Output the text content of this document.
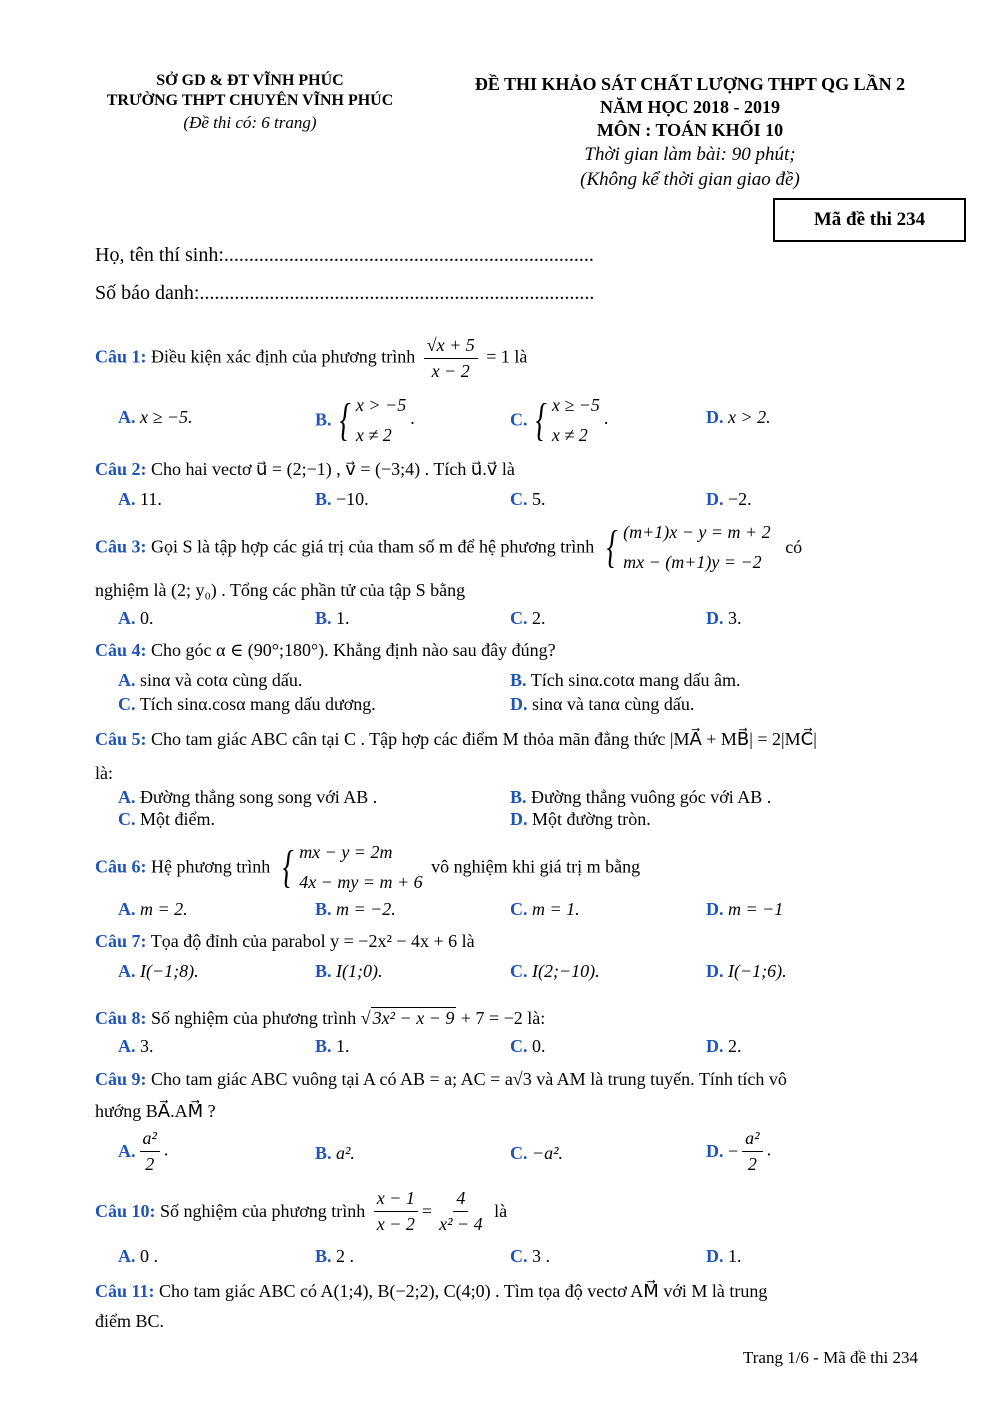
SỞ GD & ĐT VĨNH PHÚC
TRƯỜNG THPT CHUYÊN VĨNH PHÚC
(Đề thi có: 6 trang)
ĐỀ THI KHẢO SÁT CHẤT LƯỢNG THPT QG LẦN 2
NĂM HỌC 2018 - 2019
MÔN : TOÁN KHỐI 10
Thời gian làm bài: 90 phút;
(Không kể thời gian giao đề)
Mã đề thi 234
Họ, tên thí sinh:..........................................................................
Số báo danh:...............................................................................
Câu 1: Điều kiện xác định của phương trình $\frac{√x + 5}{x - 2} = 1$ là
A. x ≥ −5.	B. { x > −5
x ≠ 2
.	C. { x ≥ −5
x ≠ 2
.	D. x > 2.
Câu 2: Cho hai vectơ u⃗ = (2;−1) , v⃗ = (−3;4) . Tích u⃗.v⃗ là
A. 11.	B. −10.	C. 5.	D. −2.
Câu 3: Gọi S là tập hợp các giá trị của tham số m để hệ phương trình { (m+1)x − y = m + 2
mx − (m+1)y = −2
có
nghiệm là (2; y₀) . Tổng các phần tử của tập S bằng
A. 0.	B. 1.	C. 2.	D. 3.
Câu 4: Cho góc α ∈ (90°;180°). Khẳng định nào sau đây đúng?
A. sinα và cotα cùng dấu.	B. Tích sinα.cotα mang dấu âm.
C. Tích sinα.cosα mang dấu dương.	D. sinα và tanα cùng dấu.
Câu 5: Cho tam giác ABC cân tại C . Tập hợp các điểm M thỏa mãn đẳng thức |MA⃗ + MB⃗| = 2|MC⃗|
là:
A. Đường thẳng song song với AB .	B. Đường thẳng vuông góc với AB .
C. Một điểm.	D. Một đường tròn.
Câu 6: Hệ phương trình { mx − y = 2m
4x − my = m + 6
vô nghiệm khi giá trị m bằng
A. m = 2.	B. m = −2.	C. m = 1.	D. m = −1
Câu 7: Tọa độ đỉnh của parabol y = −2x² − 4x + 6 là
A. I(−1;8).	B. I(1;0).	C. I(2;−10).	D. I(−1;6).
Câu 8: Số nghiệm của phương trình √ 3x² − x − 9 + 7 = −2 là:
A. 3.	B. 1.	C. 0.	D. 2.
Câu 9: Cho tam giác ABC vuông tại A có AB = a; AC = a√3 và AM là trung tuyến. Tính tích vô
hướng BA⃗.AM⃗ ?
A. $\frac{\text{a²}}{2}$ .	B. a².	C. −a².	D. − $\frac{\text{a²}}{2}$ .
Câu 10: Số nghiệm của phương trình $\frac{x - 1}{x - 2} = \frac{4}{\text{x² − 4}}$ là
A. 0 .	B. 2 .	C. 3 .	D. 1.
Câu 11: Cho tam giác ABC có A(1;4), B(−2;2), C(4;0) . Tìm tọa độ vectơ AM⃗ với M là trung
điểm BC.
Trang 1/6 - Mã đề thi 234
